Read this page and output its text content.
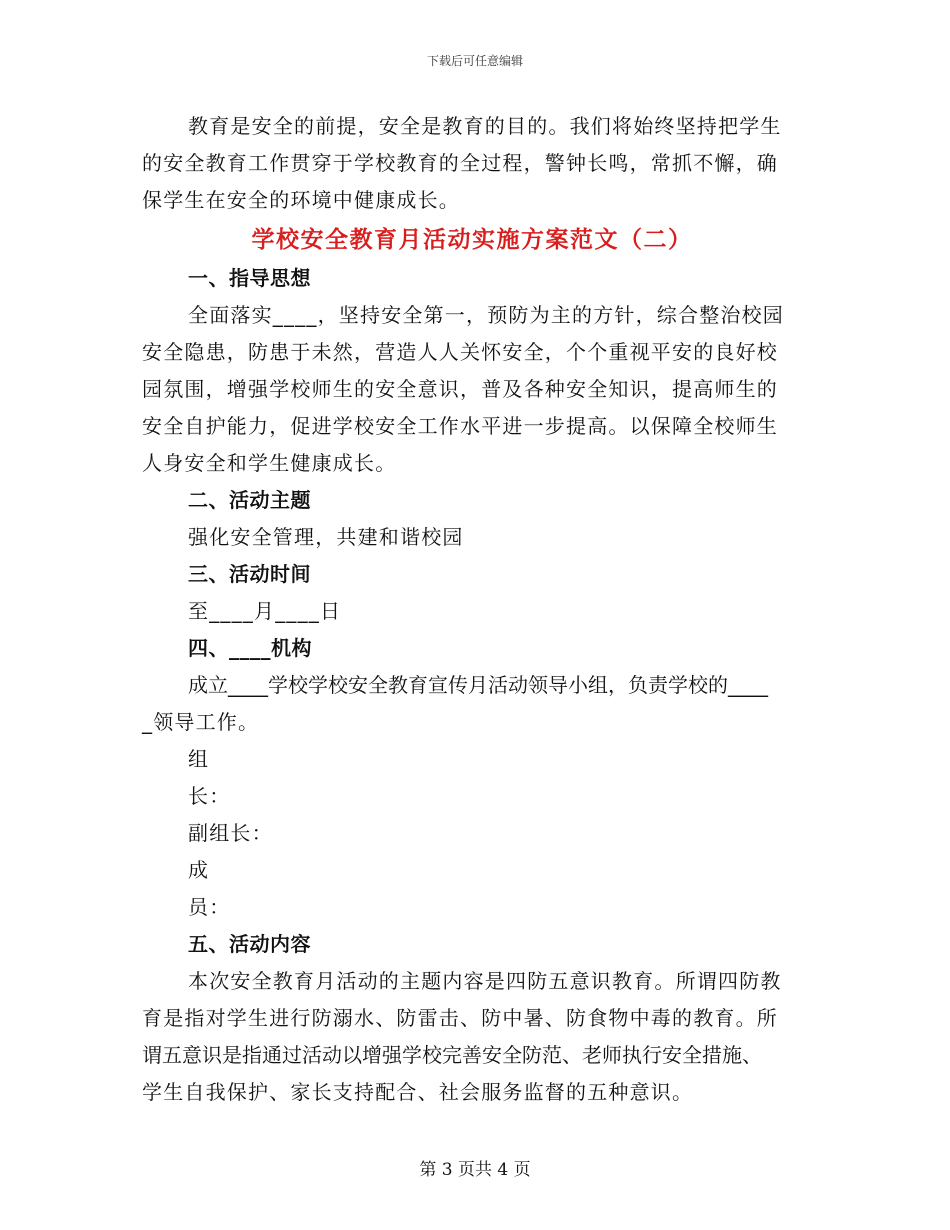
下载后可任意编辑
教育是安全的前提，安全是教育的目的。我们将始终坚持把学生
的安全教育工作贯穿于学校教育的全过程，警钟长鸣，常抓不懈，确
保学生在安全的环境中健康成长。
学校安全教育月活动实施方案范文（二）
一、指导思想
全面落实____，坚持安全第一，预防为主的方针，综合整治校园
安全隐患，防患于未然，营造人人关怀安全，个个重视平安的良好校
园氛围，增强学校师生的安全意识，普及各种安全知识，提高师生的
安全自护能力，促进学校安全工作水平进一步提高。以保障全校师生
人身安全和学生健康成长。
二、活动主题
强化安全管理，共建和谐校园
三、活动时间
至____月____日
四、____机构
成立____学校学校安全教育宣传月活动领导小组，负责学校的____
_领导工作。
组
长：
副组长：
成
员：
五、活动内容
本次安全教育月活动的主题内容是四防五意识教育。所谓四防教
育是指对学生进行防溺水、防雷击、防中暑、防食物中毒的教育。所
谓五意识是指通过活动以增强学校完善安全防范、老师执行安全措施、
学生自我保护、家长支持配合、社会服务监督的五种意识。
第 3 页共 4 页
